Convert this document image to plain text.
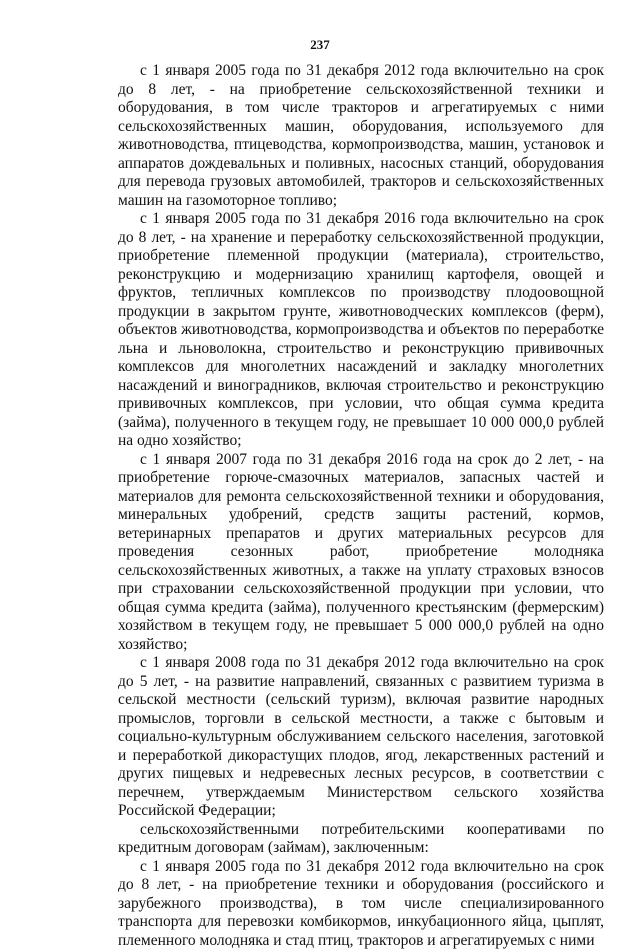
237

с 1 января 2005 года по 31 декабря 2012 года включительно на срок до 8 лет, - на приобретение сельскохозяйственной техники и оборудования, в том числе тракторов и агрегатируемых с ними сельскохозяйственных машин, оборудования, используемого для животноводства, птицеводства, кормопроизводства, машин, установок и аппаратов дождевальных и поливных, насосных станций, оборудования для перевода грузовых автомобилей, тракторов и сельскохозяйственных машин на газомоторное топливо;

с 1 января 2005 года по 31 декабря 2016 года включительно на срок до 8 лет, - на хранение и переработку сельскохозяйственной продукции, приобретение племенной продукции (материала), строительство, реконструкцию и модернизацию хранилищ картофеля, овощей и фруктов, тепличных комплексов по производству плодоовощной продукции в закрытом грунте, животноводческих комплексов (ферм), объектов животноводства, кормопроизводства и объектов по переработке льна и льноволокна, строительство и реконструкцию прививочных комплексов для многолетних насаждений и закладку многолетних насаждений и виноградников, включая строительство и реконструкцию прививочных комплексов, при условии, что общая сумма кредита (займа), полученного в текущем году, не превышает 10 000 000,0 рублей на одно хозяйство;

с 1 января 2007 года по 31 декабря 2016 года на срок до 2 лет, - на приобретение горюче-смазочных материалов, запасных частей и материалов для ремонта сельскохозяйственной техники и оборудования, минеральных удобрений, средств защиты растений, кормов, ветеринарных препаратов и других материальных ресурсов для проведения сезонных работ, приобретение молодняка сельскохозяйственных животных, а также на уплату страховых взносов при страховании сельскохозяйственной продукции при условии, что общая сумма кредита (займа), полученного крестьянским (фермерским) хозяйством в текущем году, не превышает 5 000 000,0 рублей на одно хозяйство;

с 1 января 2008 года по 31 декабря 2012 года включительно на срок до 5 лет, - на развитие направлений, связанных с развитием туризма в сельской местности (сельский туризм), включая развитие народных промыслов, торговли в сельской местности, а также с бытовым и социально-культурным обслуживанием сельского населения, заготовкой и переработкой дикорастущих плодов, ягод, лекарственных растений и других пищевых и недревесных лесных ресурсов, в соответствии с перечнем, утверждаемым Министерством сельского хозяйства Российской Федерации;

сельскохозяйственными потребительскими кооперативами по кредитным договорам (займам), заключенным:

с 1 января 2005 года по 31 декабря 2012 года включительно на срок до 8 лет, - на приобретение техники и оборудования (российского и зарубежного производства), в том числе специализированного транспорта для перевозки комбикормов, инкубационного яйца, цыплят, племенного молодняка и стад птиц, тракторов и агрегатируемых с ними
